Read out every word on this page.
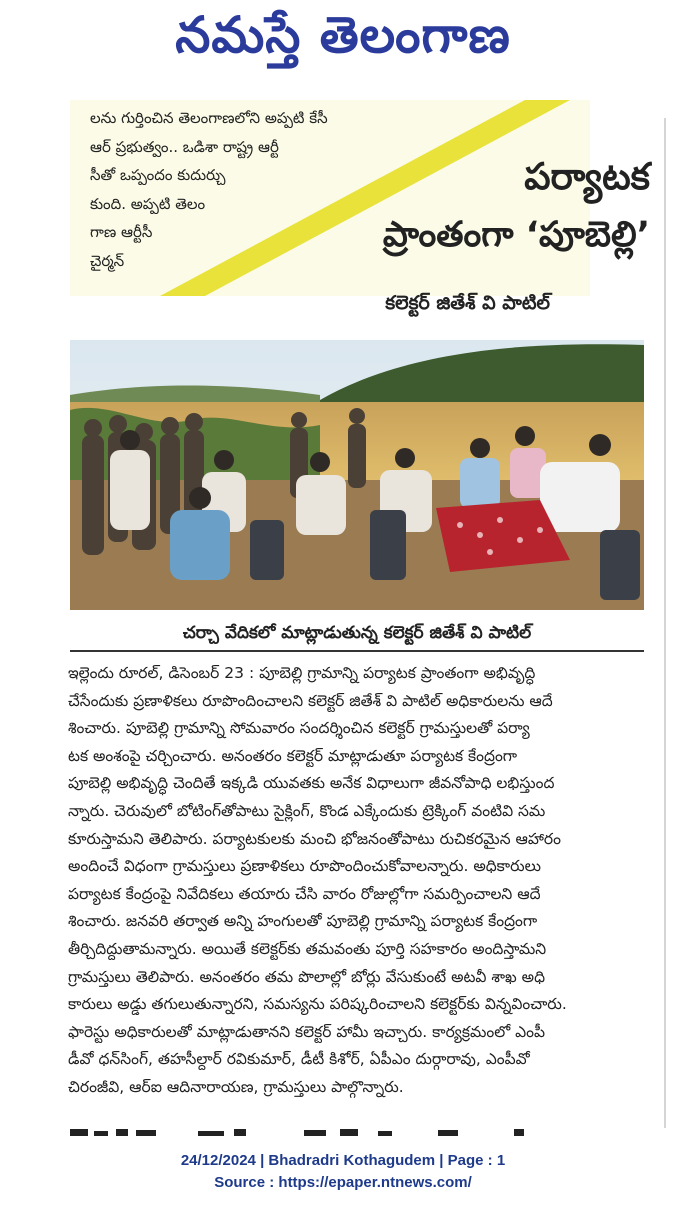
నమస్తే తెలంగాణ
లను గుర్తించిన తెలంగాణలోని అప్పటి కేసీ
ఆర్ ప్రభుత్వం.. ఒడిశా రాష్ట్ర ఆర్టీ
సీతో ఒప్పందం కుదుర్చు
కుంది. అప్పటి తెలం
గాణ ఆర్టీసీ
చైర్మన్
పర్యాటక
ప్రాంతంగా ‘పూబెల్లి’
కలెక్టర్ జితేశ్ వి పాటిల్
చర్చా వేదికలో మాట్లాడుతున్న కలెక్టర్ జితేశ్ వి పాటిల్
ఇల్లెందు రూరల్, డిసెంబర్ 23 : పూబెల్లి గ్రామాన్ని పర్యాటక ప్రాంతంగా అభివృద్ధి
చేసేందుకు ప్రణాళికలు రూపొందించాలని కలెక్టర్ జితేశ్ వి పాటిల్ అధికారులను ఆదే
శించారు. పూబెల్లి గ్రామాన్ని సోమవారం సందర్శించిన కలెక్టర్ గ్రామస్తులతో పర్యా
టక అంశంపై చర్చించారు. అనంతరం కలెక్టర్ మాట్లాడుతూ పర్యాటక కేంద్రంగా
పూబెల్లి అభివృద్ధి చెందితే ఇక్కడి యువతకు అనేక విధాలుగా జీవనోపాధి లభిస్తుంద
న్నారు. చెరువులో బోటింగ్‌తోపాటు సైక్లింగ్, కొండ ఎక్కేందుకు ట్రెక్కింగ్ వంటివి సమ
కూరుస్తామని తెలిపారు. పర్యాటకులకు మంచి భోజనంతోపాటు రుచికరమైన ఆహారం
అందించే విధంగా గ్రామస్తులు ప్రణాళికలు రూపొందించుకోవాలన్నారు. అధికారులు
పర్యాటక కేంద్రంపై నివేదికలు తయారు చేసి వారం రోజుల్లోగా సమర్పించాలని ఆదే
శించారు. జనవరి తర్వాత అన్ని హంగులతో పూబెల్లి గ్రామాన్ని పర్యాటక కేంద్రంగా
తీర్చిదిద్దుతామన్నారు. అయితే కలెక్టర్‌కు తమవంతు పూర్తి సహకారం అందిస్తామని
గ్రామస్తులు తెలిపారు. అనంతరం తమ పొలాల్లో బోర్లు వేసుకుంటే అటవీ శాఖ అధి
కారులు అడ్డు తగులుతున్నారని, సమస్యను పరిష్కరించాలని కలెక్టర్‌కు విన్నవించారు.
ఫారెస్టు అధికారులతో మాట్లాడుతానని కలెక్టర్ హామీ ఇచ్చారు. కార్యక్రమంలో ఎంపీ
డీవో ధన్‌సింగ్, తహసీల్దార్ రవికుమార్, డీటీ కిశోర్, ఏపీఎం దుర్గారావు, ఎంపీవో
చిరంజీవి, ఆర్ఐ ఆదినారాయణ, గ్రామస్తులు పాల్గొన్నారు.
24/12/2024 | Bhadradri Kothagudem | Page : 1
Source : https://epaper.ntnews.com/
